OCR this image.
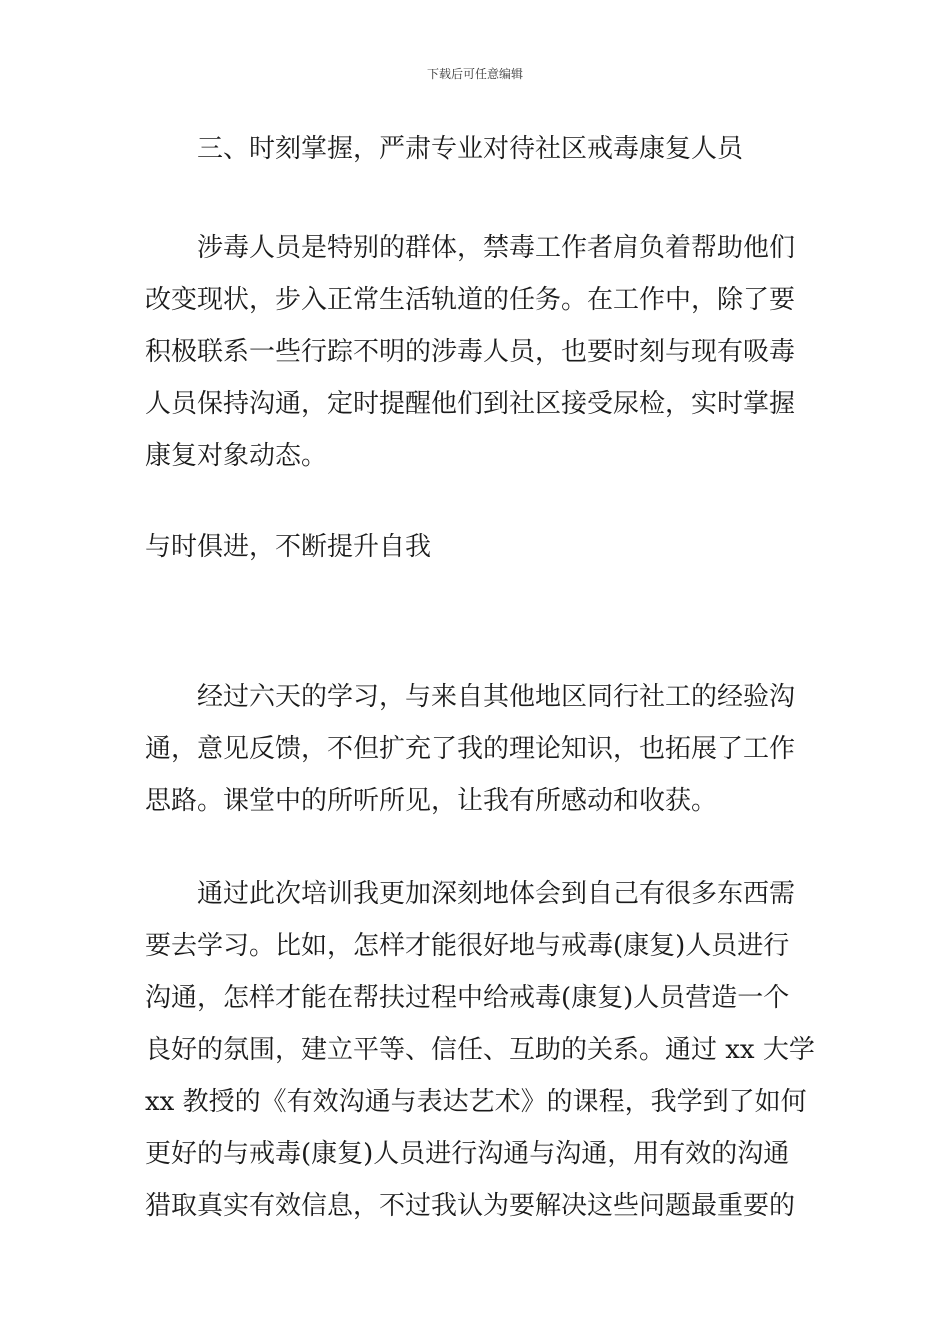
下载后可任意编辑
三、时刻掌握，严肃专业对待社区戒毒康复人员
涉毒人员是特别的群体，禁毒工作者肩负着帮助他们
改变现状，步入正常生活轨道的任务。在工作中，除了要
积极联系一些行踪不明的涉毒人员，也要时刻与现有吸毒
人员保持沟通，定时提醒他们到社区接受尿检，实时掌握
康复对象动态。
与时俱进，不断提升自我
经过六天的学习，与来自其他地区同行社工的经验沟
通，意见反馈，不但扩充了我的理论知识，也拓展了工作
思路。课堂中的所听所见，让我有所感动和收获。
通过此次培训我更加深刻地体会到自己有很多东西需
要去学习。比如，怎样才能很好地与戒毒(康复)人员进行
沟通，怎样才能在帮扶过程中给戒毒(康复)人员营造一个
良好的氛围，建立平等、信任、互助的关系。通过 xx 大学
xx 教授的《有效沟通与表达艺术》的课程，我学到了如何
更好的与戒毒(康复)人员进行沟通与沟通，用有效的沟通
猎取真实有效信息，不过我认为要解决这些问题最重要的
